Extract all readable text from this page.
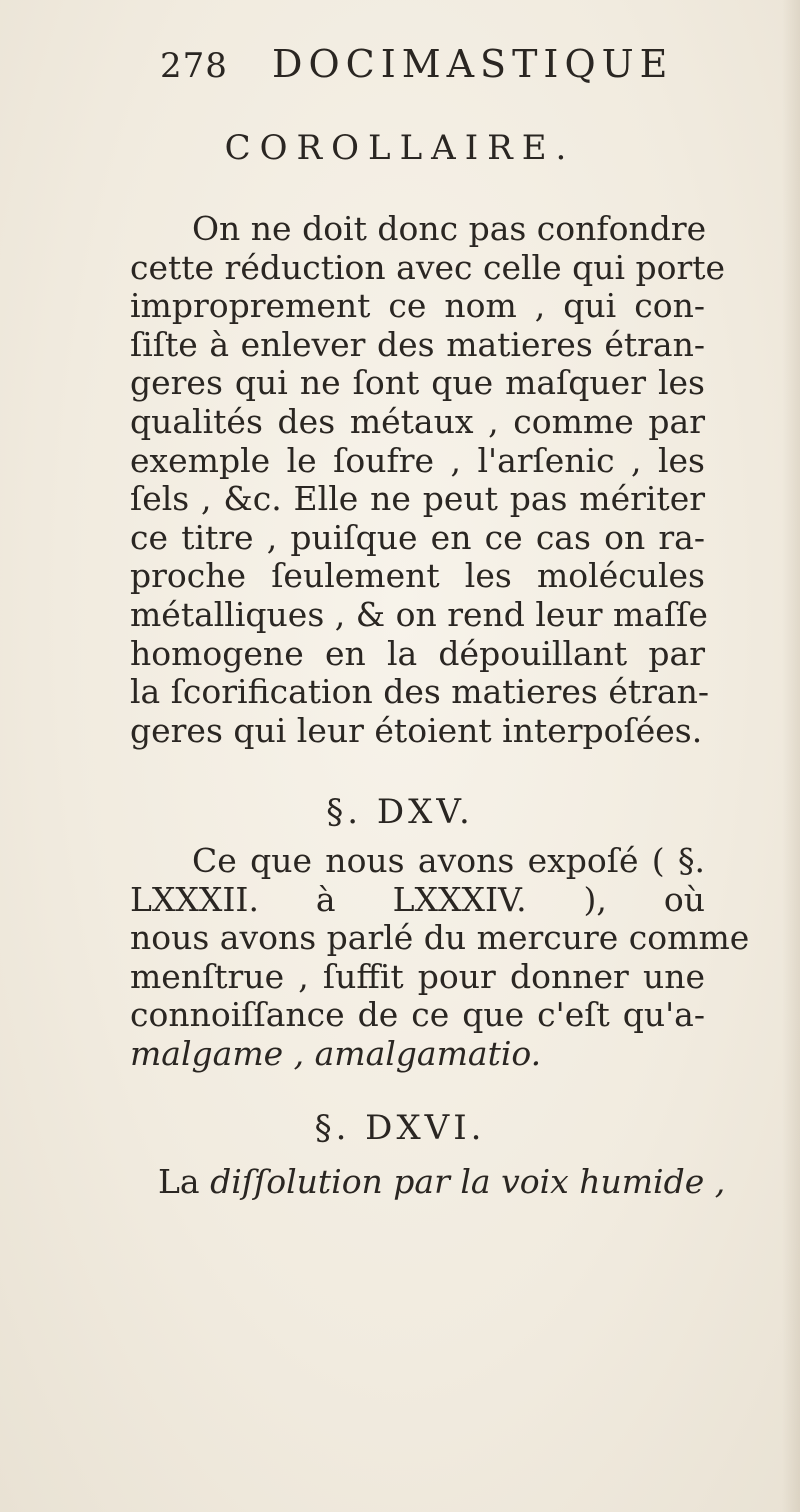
278 DOCIMASTIQUE
COROLLAIRE.
On ne doit donc pas confondre
cette réduction avec celle qui porte
improprement ce nom , qui con-
ſiſte à enlever des matieres étran-
geres qui ne ſont que maſquer les
qualités des métaux , comme par
exemple le ſoufre , l'arſenic , les
ſels , &c. Elle ne peut pas mériter
ce titre , puiſque en ce cas on ra-
proche ſeulement les molécules
métalliques , & on rend leur maſſe
homogene en la dépouillant par
la ſcorification des matieres étran-
geres qui leur étoient interpoſées.
§. DXV.
Ce que nous avons expoſé ( §.
LXXXII. à LXXXIV. ), où
nous avons parlé du mercure comme
menſtrue , ſuffit pour donner une
connoiſſance de ce que c'eſt qu'a-
malgame , amalgamatio.
§. DXVI.
La diſſolution par la voix humide ,
